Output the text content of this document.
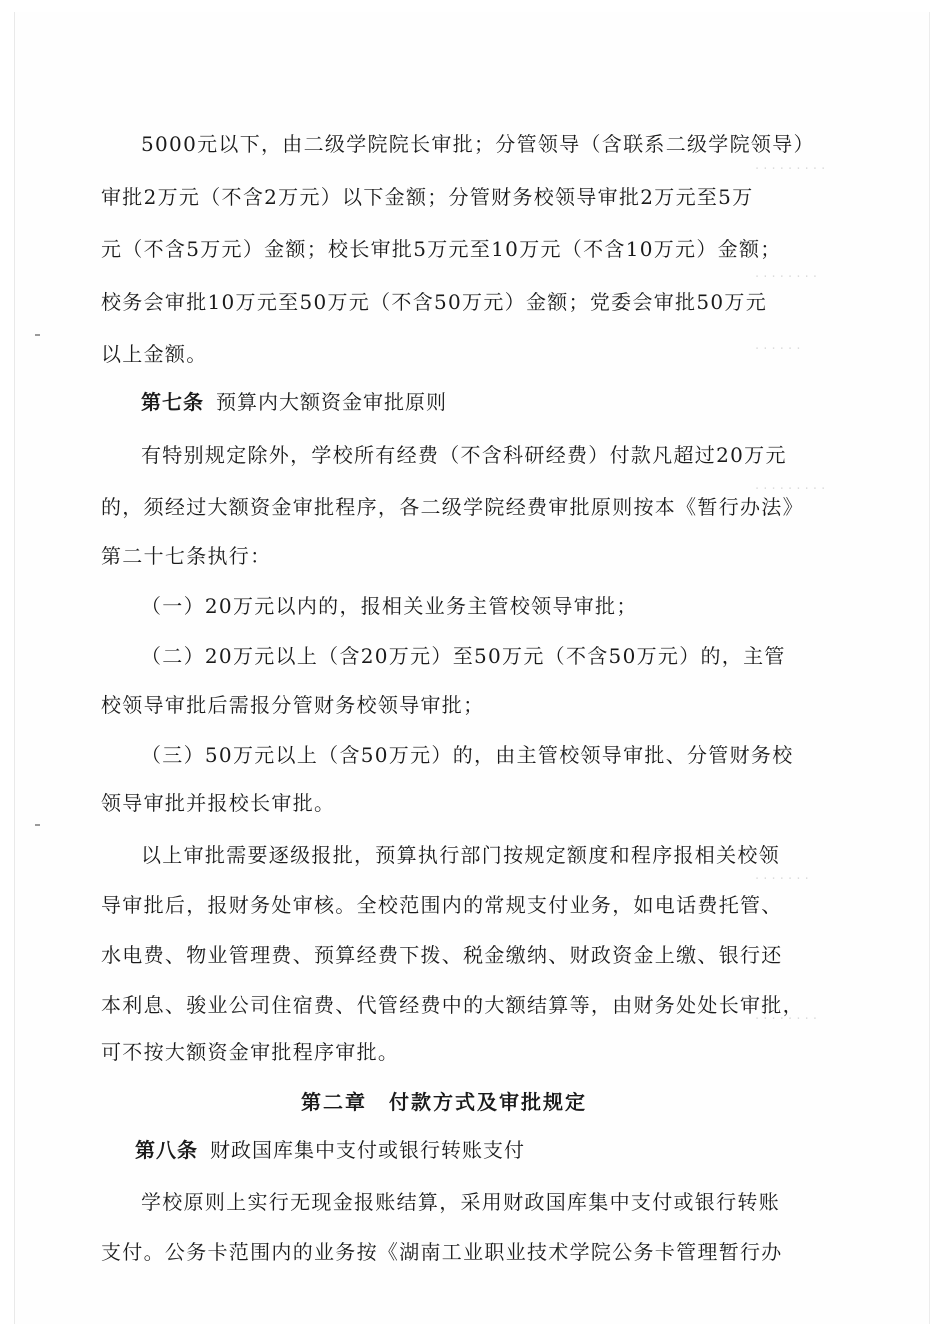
· · · · · · · · ·
· · · · · · · ·
· · · · · ·
· · · · · · · · ·
· · · · · · ·
· · · · · · · ·

5000元以下，由二级学院院长审批；分管领导（含联系二级学院领导）

审批2万元（不含2万元）以下金额；分管财务校领导审批2万元至5万

元（不含5万元）金额；校长审批5万元至10万元（不含10万元）金额；

校务会审批10万元至50万元（不含50万元）金额；党委会审批50万元

以上金额。

第七条 预算内大额资金审批原则

有特别规定除外，学校所有经费（不含科研经费）付款凡超过20万元

的，须经过大额资金审批程序，各二级学院经费审批原则按本《暂行办法》

第二十七条执行：

（一）20万元以内的，报相关业务主管校领导审批；

（二）20万元以上（含20万元）至50万元（不含50万元）的，主管

校领导审批后需报分管财务校领导审批；

（三）50万元以上（含50万元）的，由主管校领导审批、分管财务校

领导审批并报校长审批。

以上审批需要逐级报批，预算执行部门按规定额度和程序报相关校领

导审批后，报财务处审核。全校范围内的常规支付业务，如电话费托管、

水电费、物业管理费、预算经费下拨、税金缴纳、财政资金上缴、银行还

本利息、骏业公司住宿费、代管经费中的大额结算等，由财务处处长审批，

可不按大额资金审批程序审批。

第二章　付款方式及审批规定

第八条 财政国库集中支付或银行转账支付

学校原则上实行无现金报账结算，采用财政国库集中支付或银行转账

支付。公务卡范围内的业务按《湖南工业职业技术学院公务卡管理暂行办
